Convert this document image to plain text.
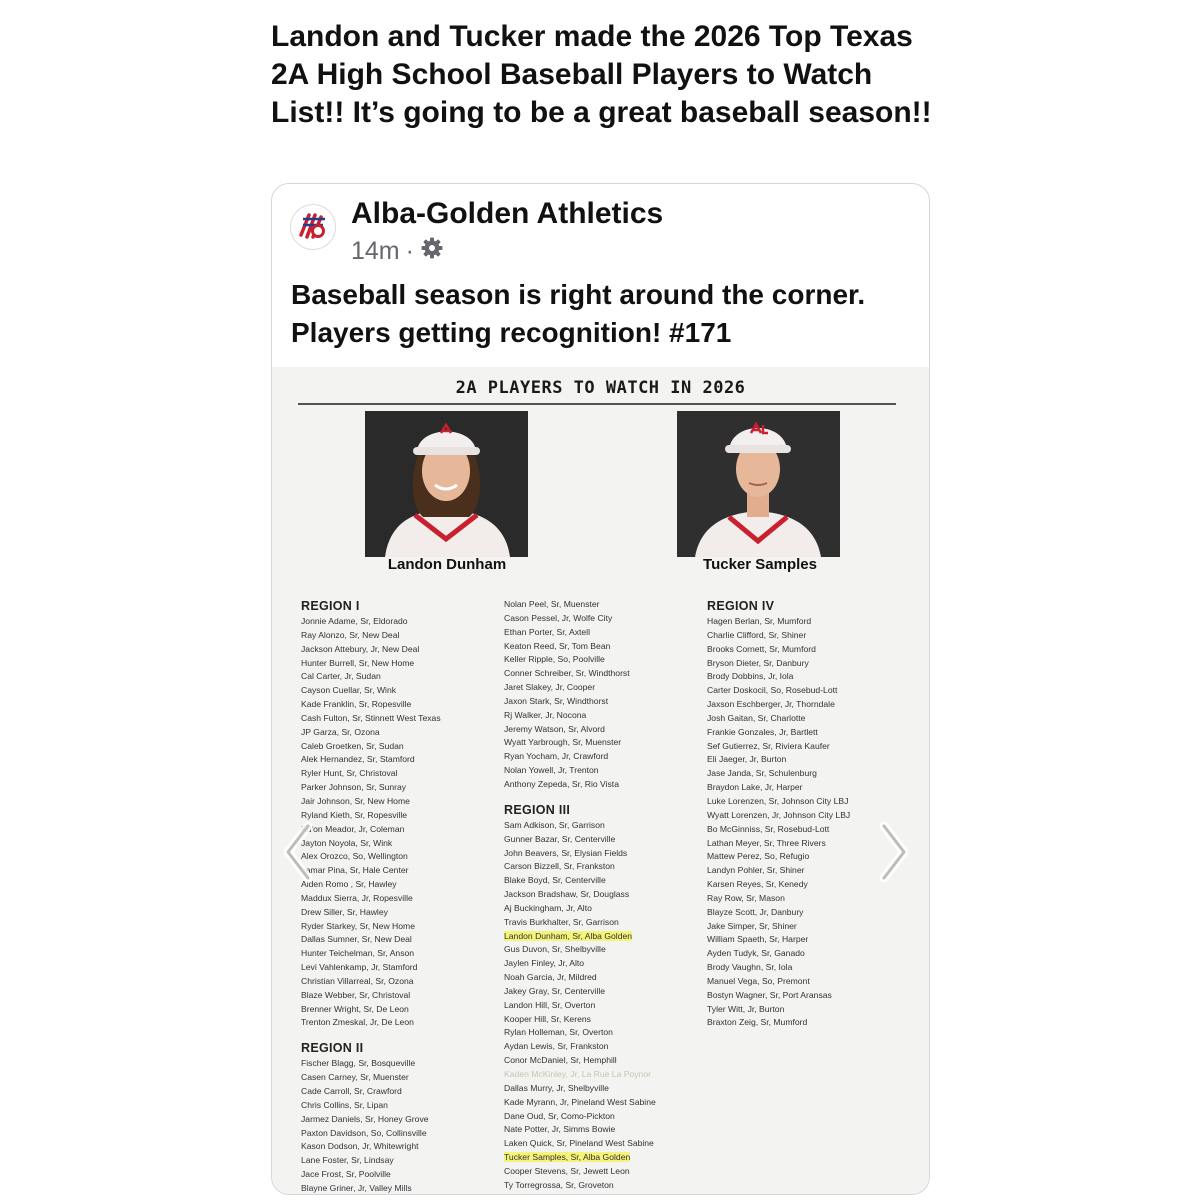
Landon and Tucker made the 2026 Top Texas 2A High School Baseball Players to Watch List!! It’s going to be a great baseball season!!
Alba-Golden Athletics
14m ·
Baseball season is right around the corner. Players getting recognition! #171
2A PLAYERS TO WATCH IN 2026
Landon Dunham	Tucker Samples
REGION I
Jonnie Adame, Sr, Eldorado
Ray Alonzo, Sr, New Deal
Jackson Attebury, Jr, New Deal
Hunter Burrell, Sr, New Home
Cal Carter, Jr, Sudan
Cayson Cuellar, Sr, Wink
Kade Franklin, Sr, Ropesville
Cash Fulton, Sr, Stinnett West Texas
JP Garza, Sr, Ozona
Caleb Groetken, Sr, Sudan
Alek Hernandez, Sr, Stamford
Ryler Hunt, Sr, Christoval
Parker Johnson, Sr, Sunray
Jair Johnson, Sr, New Home
Ryland Kieth, Sr, Ropesville
Ed'on Meador, Jr, Coleman
Jayton Noyola, Sr, Wink
Alex Orozco, So, Wellington
Lamar Pina, Sr, Hale Center
Aiden Romo , Sr, Hawley
Maddux Sierra, Jr, Ropesville
Drew Siller, Sr, Hawley
Ryder Starkey, Sr, New Home
Dallas Sumner, Sr, New Deal
Hunter Teichelman, Sr, Anson
Levi Vahlenkamp, Jr, Stamford
Christian Villarreal, Sr, Ozona
Blaze Webber, Sr, Christoval
Brenner Wright, Sr, De Leon
Trenton Zmeskal, Jr, De Leon
REGION II
Fischer Blagg, Sr, Bosqueville
Casen Carney, Sr, Muenster
Cade Carroll, Sr, Crawford
Chris Collins, Sr, Lipan
Jarmez Daniels, Sr, Honey Grove
Paxton Davidson, So, Collinsville
Kason Dodson, Jr, Whitewright
Lane Foster, Sr, Lindsay
Jace Frost, Sr, Poolville
Blayne Griner, Jr, Valley Mills
Nolan Peel, Sr, Muenster
Cason Pessel, Jr, Wolfe City
Ethan Porter, Sr, Axtell
Keaton Reed, Sr, Tom Bean
Keller Ripple, So, Poolville
Conner Schreiber, Sr, Windthorst
Jaret Slakey, Jr, Cooper
Jaxon Stark, Sr, Windthorst
Rj Walker, Jr, Nocona
Jeremy Watson, Sr, Alvord
Wyatt Yarbrough, Sr, Muenster
Ryan Yocham, Jr, Crawford
Nolan Yowell, Jr, Trenton
Anthony Zepeda, Sr, Rio Vista
REGION III
Sam Adkison, Sr, Garrison
Gunner Bazar, Sr, Centerville
John Beavers, Sr, Elysian Fields
Carson Bizzell, Sr, Frankston
Blake Boyd, Sr, Centerville
Jackson Bradshaw, Sr, Douglass
Aj Buckingham, Jr, Alto
Travis Burkhalter, Sr, Garrison
Landon Dunham, Sr, Alba Golden
Gus Duvon, Sr, Shelbyville
Jaylen Finley, Jr, Alto
Noah Garcia, Jr, Mildred
Jakey Gray, Sr, Centerville
Landon Hill, Sr, Overton
Kooper Hill, Sr, Kerens
Rylan Holleman, Sr, Overton
Aydan Lewis, Sr, Frankston
Conor McDaniel, Sr, Hemphill
Kaden McKinley, Jr, La Rue La Poynor
Dallas Murry, Jr, Shelbyville
Kade Myrann, Jr, Pineland West Sabine
Dane Oud, Sr, Como-Pickton
Nate Potter, Jr, Simms Bowie
Laken Quick, Sr, Pineland West Sabine
Tucker Samples, Sr, Alba Golden
Cooper Stevens, Sr, Jewett Leon
Ty Torregrossa, Sr, Groveton
REGION IV
Hagen Berlan, Sr, Mumford
Charlie Clifford, Sr, Shiner
Brooks Cornett, Sr, Mumford
Bryson Dieter, Sr, Danbury
Brody Dobbins, Jr, Iola
Carter Doskocil, So, Rosebud-Lott
Jaxson Eschberger, Jr, Thorndale
Josh Gaitan, Sr, Charlotte
Frankie Gonzales, Jr, Bartlett
Sef Gutierrez, Sr, Riviera Kaufer
Eli Jaeger, Jr, Burton
Jase Janda, Sr, Schulenburg
Braydon Lake, Jr, Harper
Luke Lorenzen, Sr, Johnson City LBJ
Wyatt Lorenzen, Jr, Johnson City LBJ
Bo McGinniss, Sr, Rosebud-Lott
Lathan Meyer, Sr, Three Rivers
Mattew Perez, So, Refugio
Landyn Pohler, Sr, Shiner
Karsen Reyes, Sr, Kenedy
Ray Row, Sr, Mason
Blayze Scott, Jr, Danbury
Jake Simper, Sr, Shiner
William Spaeth, Sr, Harper
Ayden Tudyk, Sr, Ganado
Brody Vaughn, Sr, Iola
Manuel Vega, So, Premont
Bostyn Wagner, Sr, Port Aransas
Tyler Witt, Jr, Burton
Braxton Zeig, Sr, Mumford
